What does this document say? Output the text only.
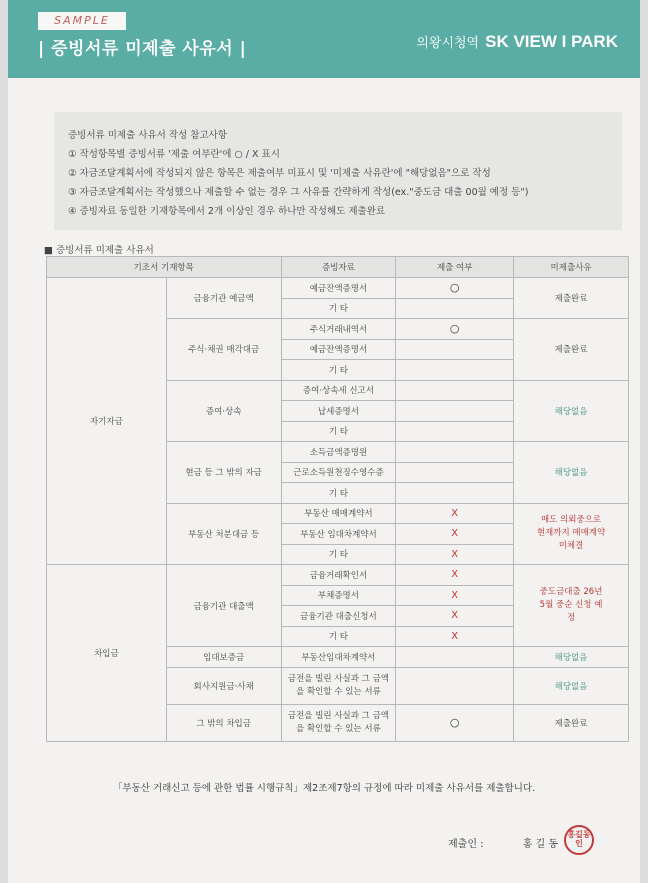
SAMPLE
| 증빙서류 미제출 사유서 |	의왕시청역 SK VIEW I PARK
증빙서류 미제출 사유서 작성 참고사항
① 작성항목별 증빙서류 '제출 여부란'에 ○ / X 표시
② 자금조달계획서에 작성되지 않은 항목은 제출여부 미표시 및 '미제출 사유란'에 "해당없음"으로 작성
③ 자금조달계획서는 작성했으나 제출할 수 없는 경우 그 사유를 간략하게 작성(ex."중도금 대출 00월 예정 등")
④ 증빙자료 동일한 기재항목에서 2개 이상인 경우 하나만 작성해도 제출완료
■ 증빙서류 미제출 사유서
기조서 기재항목		증빙자료	제출 여부	미제출사유
자기자금	금융기관 예금액	예금잔액증명서	○	제출완료
		기 타		
	주식·채권 매각대금	주식거래내역서	○	제출완료
		예금잔액증명서		
		기 타		
	증여·상속	증여·상속세 신고서		해당없음
		납세증명서		
		기 타		
	현금 등 그 밖의 자금	소득금액증명원		해당없음
		근로소득원천징수영수증		
		기 타		
	부동산 처분대금 등	부동산 매매계약서	X	매도 의뢰중으로 현재까지 매매계약 미체결
		부동산 임대차계약서	X	
		기 타	X	
차입금	금융기관 대출액	금융거래확인서	X	중도금대출 26년 5월 중순 신청 예정
		부채증명서	X	
		금융기관 대출신청서	X	
		기 타	X	
	임대보증금	부동산임대차계약서		해당없음
	회사지원금·사채	금전을 빌린 사실과 그 금액을 확인할 수 있는 서류		해당없음
	그 밖의 차입금	금전을 빌린 사실과 그 금액을 확인할 수 있는 서류	○	제출완료
「부동산 거래신고 등에 관한 법률 시행규칙」제2조제7항의 규정에 따라 미제출 사유서를 제출합니다.
제출인 :	홍 길 동
홍길동인
